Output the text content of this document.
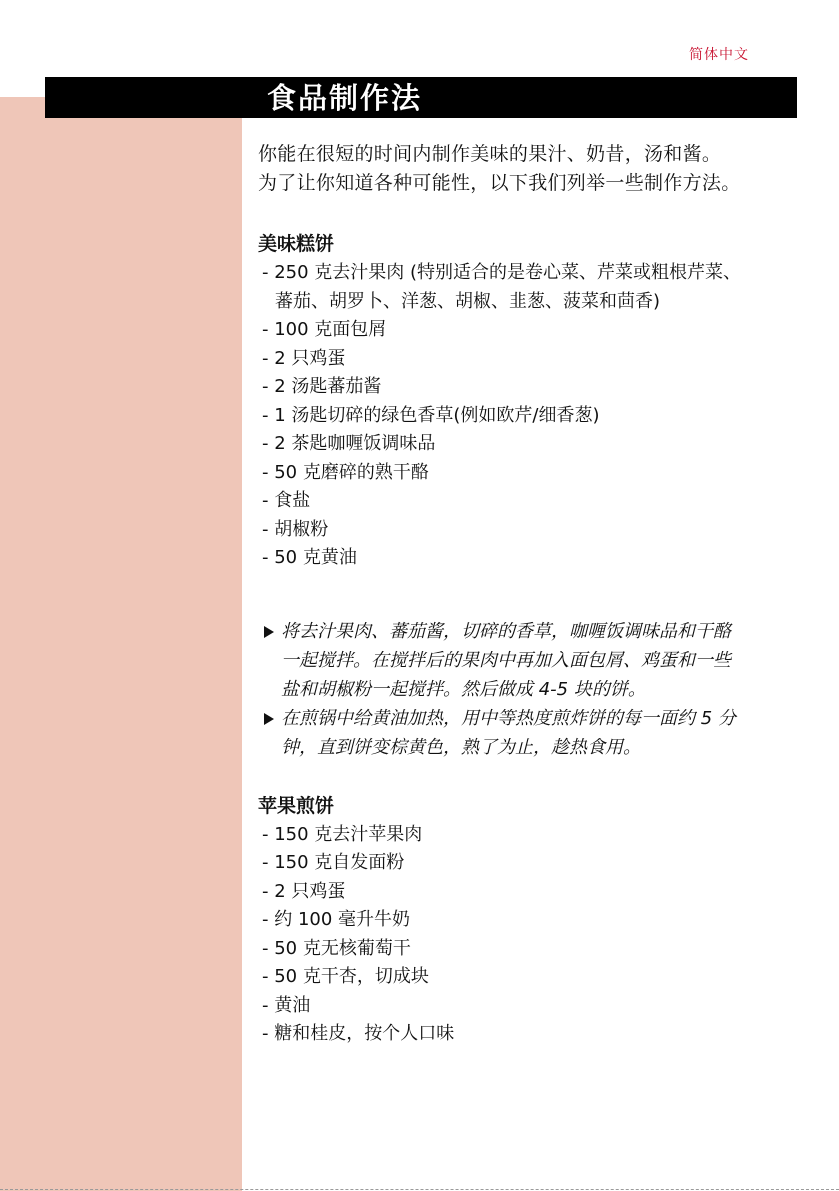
简体中文
食品制作法

你能在很短的时间内制作美味的果汁、奶昔，汤和酱。

为了让你知道各种可能性，以下我们列举一些制作方法。

美味糕饼
- 250 克去汁果肉 (特别适合的是卷心菜、芹菜或粗根芹菜、蕃茄、胡罗卜、洋葱、胡椒、韭葱、菠菜和茴香)
- 100 克面包屑
- 2 只鸡蛋
- 2 汤匙蕃茄酱
- 1 汤匙切碎的绿色香草(例如欧芹/细香葱)
- 2 茶匙咖喱饭调味品
- 50 克磨碎的熟干酪
- 食盐
- 胡椒粉
- 50 克黄油
将去汁果肉、蕃茄酱，切碎的香草，咖喱饭调味品和干酪一起搅拌。在搅拌后的果肉中再加入面包屑、鸡蛋和一些盐和胡椒粉一起搅拌。然后做成 4-5 块的饼。
在煎锅中给黄油加热，用中等热度煎炸饼的每一面约 5 分钟，直到饼变棕黄色，熟了为止，趁热食用。
苹果煎饼
- 150 克去汁苹果肉
- 150 克自发面粉
- 2 只鸡蛋
- 约 100 毫升牛奶
- 50 克无核葡萄干
- 50 克干杏，切成块
- 黄油
- 糖和桂皮，按个人口味
